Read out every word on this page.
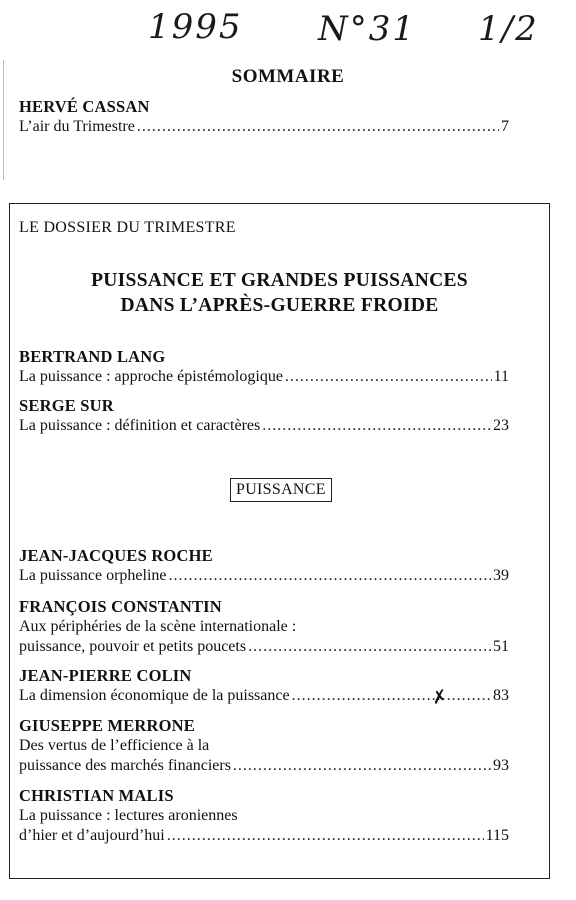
1995 N°31 1/2
SOMMAIRE
HERVÉ CASSAN
L’air du Trimestre .....	7
LE DOSSIER DU TRIMESTRE
PUISSANCE ET GRANDES PUISSANCES
DANS L’APRÈS-GUERRE FROIDE
BERTRAND LANG
La puissance : approche épistémologique .....	11
SERGE SUR
La puissance : définition et caractères .....	23
PUISSANCE
JEAN-JACQUES ROCHE
La puissance orpheline .....	39
FRANÇOIS CONSTANTIN
Aux périphéries de la scène internationale :
puissance, pouvoir et petits poucets .....	51
JEAN-PIERRE COLIN
La dimension économique de la puissance .....	83
✗
GIUSEPPE MERRONE
Des vertus de l’efficience à la
puissance des marchés financiers .....	93
CHRISTIAN MALIS
La puissance : lectures aroniennes
d’hier et d’aujourd’hui .....	115
